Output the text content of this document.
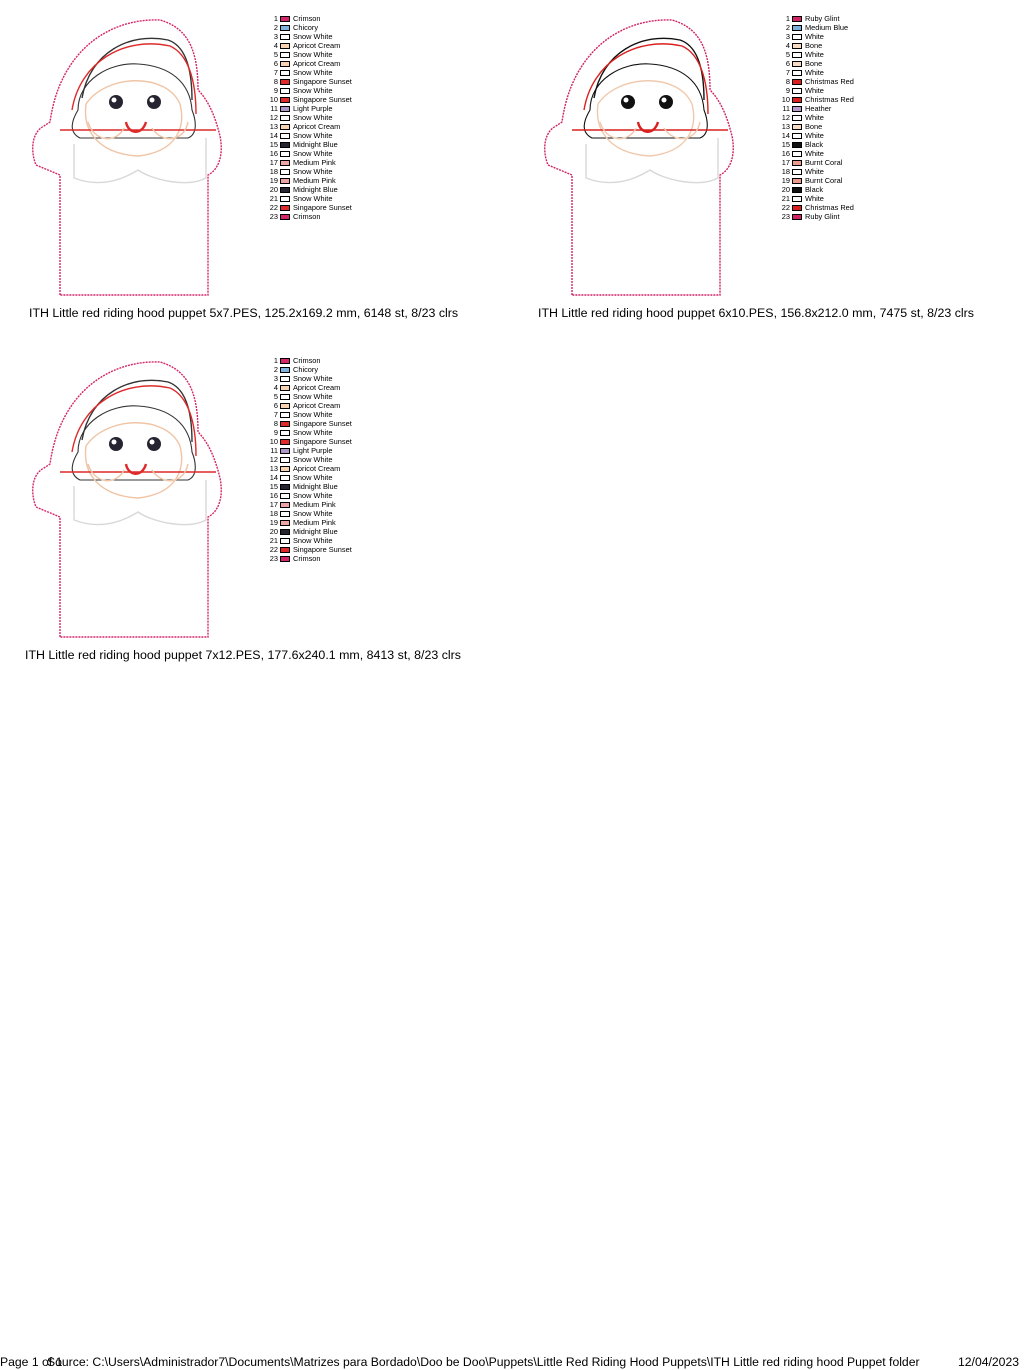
1 Crimson
2 Chicory
3 Snow White
4 Apricot Cream
5 Snow White
6 Apricot Cream
7 Snow White
8 Singapore Sunset
9 Snow White
10 Singapore Sunset
11 Light Purple
12 Snow White
13 Apricot Cream
14 Snow White
15 Midnight Blue
16 Snow White
17 Medium Pink
18 Snow White
19 Medium Pink
20 Midnight Blue
21 Snow White
22 Singapore Sunset
23 Crimson
ITH Little red riding hood puppet 5x7.PES, 125.2x169.2 mm, 6148 st, 8/23 clrs
1 Ruby Glint
2 Medium Blue
3 White
4 Bone
5 White
6 Bone
7 White
8 Christmas Red
9 White
10 Christmas Red
11 Heather
12 White
13 Bone
14 White
15 Black
16 White
17 Burnt Coral
18 White
19 Burnt Coral
20 Black
21 White
22 Christmas Red
23 Ruby Glint
ITH Little red riding hood puppet 6x10.PES, 156.8x212.0 mm, 7475 st, 8/23 clrs
1 Crimson
2 Chicory
3 Snow White
4 Apricot Cream
5 Snow White
6 Apricot Cream
7 Snow White
8 Singapore Sunset
9 Snow White
10 Singapore Sunset
11 Light Purple
12 Snow White
13 Apricot Cream
14 Snow White
15 Midnight Blue
16 Snow White
17 Medium Pink
18 Snow White
19 Medium Pink
20 Midnight Blue
21 Snow White
22 Singapore Sunset
23 Crimson
ITH Little red riding hood puppet 7x12.PES, 177.6x240.1 mm, 8413 st, 8/23 clrs
Page 1 of 1
Source: C:\Users\Administrador7\Documents\Matrizes para Bordado\Doo be Doo\Puppets\Little Red Riding Hood Puppets\ITH Little red riding hood Puppet folder	12/04/2023
